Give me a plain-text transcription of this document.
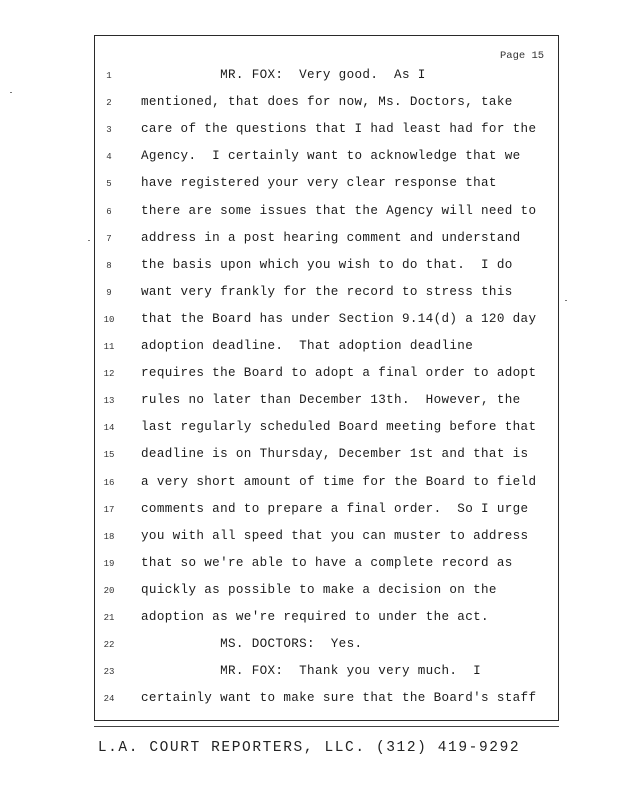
Page 15
1	MR. FOX:  Very good.  As I
2	mentioned, that does for now, Ms. Doctors, take
3	care of the questions that I had least had for the
4	Agency.  I certainly want to acknowledge that we
5	have registered your very clear response that
6	there are some issues that the Agency will need to
7	address in a post hearing comment and understand
8	the basis upon which you wish to do that.  I do
9	want very frankly for the record to stress this
10	that the Board has under Section 9.14(d) a 120 day
11	adoption deadline.  That adoption deadline
12	requires the Board to adopt a final order to adopt
13	rules no later than December 13th.  However, the
14	last regularly scheduled Board meeting before that
15	deadline is on Thursday, December 1st and that is
16	a very short amount of time for the Board to field
17	comments and to prepare a final order.  So I urge
18	you with all speed that you can muster to address
19	that so we're able to have a complete record as
20	quickly as possible to make a decision on the
21	adoption as we're required to under the act.
22	MS. DOCTORS:  Yes.
23	MR. FOX:  Thank you very much.  I
24	certainly want to make sure that the Board's staff
L.A. COURT REPORTERS, LLC. (312) 419-9292
